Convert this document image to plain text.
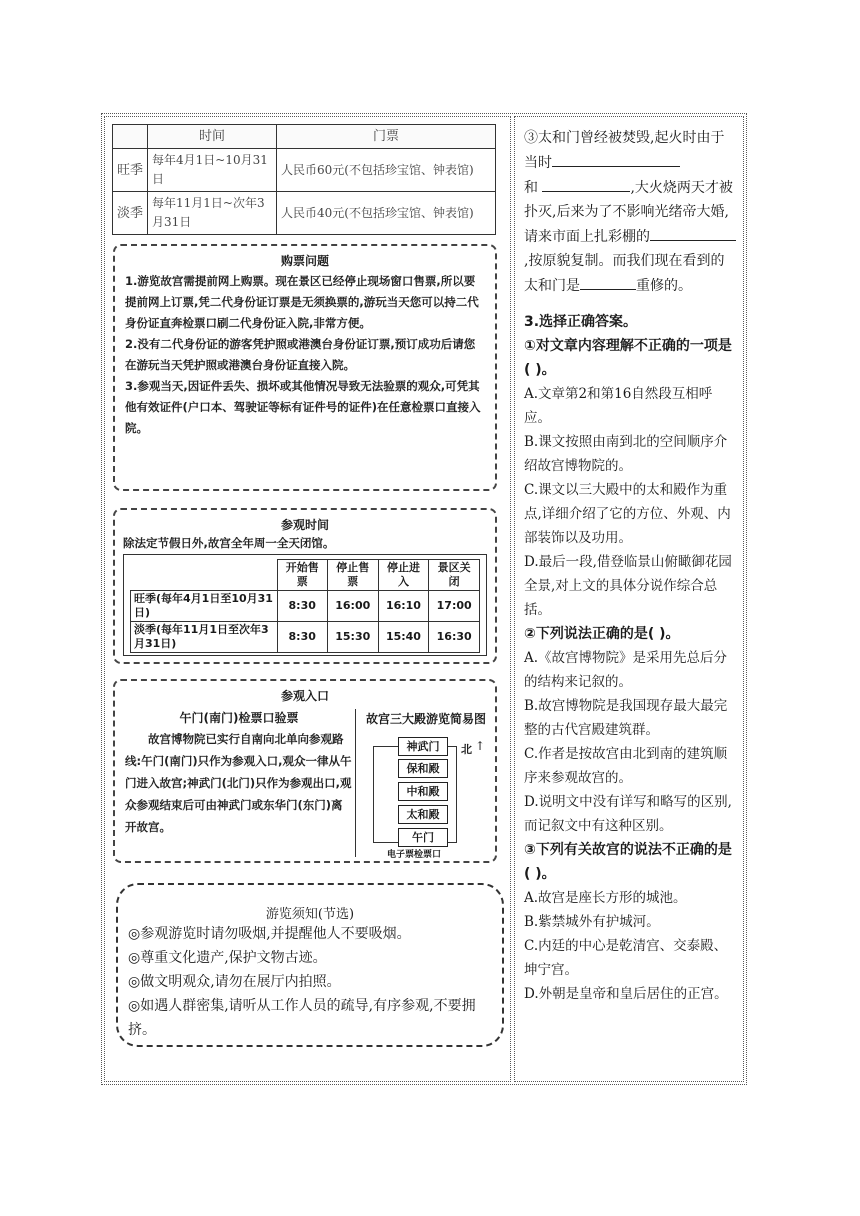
	时间	门票
旺季	每年4月1日~10月31日	人民币60元(不包括珍宝馆、钟表馆)
淡季	每年11月1日~次年3月31日	人民币40元(不包括珍宝馆、钟表馆)
购票问题
1.游览故宫需提前网上购票。现在景区已经停止现场窗口售票,所以要提前网上订票,凭二代身份证订票是无须换票的,游玩当天您可以持二代身份证直奔检票口刷二代身份证入院,非常方便。
2.没有二代身份证的游客凭护照或港澳台身份证订票,预订成功后请您在游玩当天凭护照或港澳台身份证直接入院。
3.参观当天,因证件丢失、损坏或其他情况导致无法验票的观众,可凭其他有效证件(户口本、驾驶证等标有证件号的证件)在任意检票口直接入院。
参观时间
除法定节假日外,故宫全年周一全天闭馆。
	开始售票	停止售票	停止进入	景区关闭
旺季(每年4月1日至10月31日)	8:30	16:00	16:10	17:00
淡季(每年11月1日至次年3月31日)	8:30	15:30	15:40	16:30
参观入口
午门(南门)检票口验票
故宫博物院已实行自南向北单向参观路线:午门(南门)只作为参观入口,观众一律从午门进入故宫;神武门(北门)只作为参观出口,观众参观结束后可由神武门或东华门(东门)离开故宫。
故宫三大殿游览简易图
神武门
保和殿
中和殿
太和殿
午门
北 ↑
电子票检票口
游览须知(节选)
◎参观游览时请勿吸烟,并提醒他人不要吸烟。
◎尊重文化遗产,保护文物古迹。
◎做文明观众,请勿在展厅内拍照。
◎如遇人群密集,请听从工作人员的疏导,有序参观,不要拥挤。
③太和门曾经被焚毁,起火时由于当时
和	,大火烧两天才被扑灭,后来为了不影响光绪帝大婚,请来市面上扎彩棚的,按原貌复制。而我们现在看到的太和门是	重修的。
3.选择正确答案。
①对文章内容理解不正确的一项是( )。
A.文章第2和第16自然段互相呼应。
B.课文按照由南到北的空间顺序介绍故宫博物院的。
C.课文以三大殿中的太和殿作为重点,详细介绍了它的方位、外观、内部装饰以及功用。
D.最后一段,借登临景山俯瞰御花园全景,对上文的具体分说作综合总括。
②下列说法正确的是( )。
A.《故宫博物院》是采用先总后分的结构来记叙的。
B.故宫博物院是我国现存最大最完整的古代宫殿建筑群。
C.作者是按故宫由北到南的建筑顺序来参观故宫的。
D.说明文中没有详写和略写的区别,而记叙文中有这种区别。
③下列有关故宫的说法不正确的是( )。
A.故宫是座长方形的城池。
B.紫禁城外有护城河。
C.内廷的中心是乾清宫、交泰殿、坤宁宫。
D.外朝是皇帝和皇后居住的正宫。
